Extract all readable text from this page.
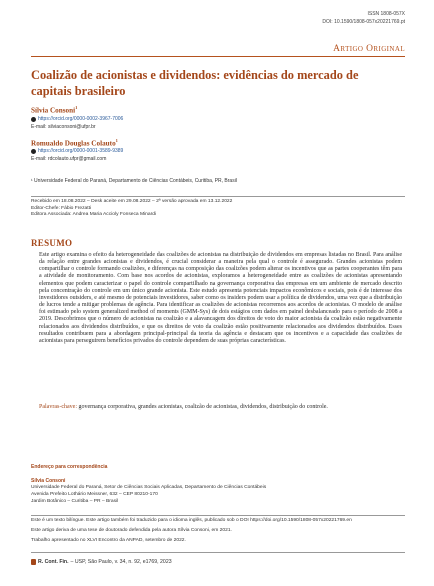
ISSN 1808-057X
DOI: 10.1590/1808-057x20221769.pt
Artigo Original
Coalizão de acionistas e dividendos: evidências do mercado de capitais brasileiro
Sílvia Consoni$^1$
https://orcid.org/0000-0002-3967-7006
E-mail: silviaconsoni@ufpr.br
Romualdo Douglas Colauto$^1$
https://orcid.org/0000-0001-3589-9389
E-mail: rdcolauto.ufpr@gmail.com
¹ Universidade Federal do Paraná, Departamento de Ciências Contábeis, Curitiba, PR, Brasil
Recebido em 18.08.2022 – Desk aceite em 29.08.2022 – 2ª versão aprovada em 13.12.2022
Editor-Chefe: Fábio Frezatti
Editora Associada: Andrea Maria Accioly Fonseca Minardi
RESUMO
Este artigo examina o efeito da heterogeneidade das coalizões de acionistas na distribuição de dividendos em empresas listadas no Brasil. Para análise da relação entre grandes acionistas e dividendos, é crucial considerar a maneira pela qual o controle é assegurado. Grandes acionistas podem compartilhar o controle formando coalizões, e diferenças na composição das coalizões podem alterar os incentivos que as partes cooperantes têm para a atividade de monitoramento. Com base nos acordos de acionistas, exploramos a heterogeneidade entre as coalizões de acionistas apresentando elementos que podem caracterizar o papel do controle compartilhado na governança corporativa das empresas em um ambiente de mercado descrito pela concentração do controle em um único grande acionista. Este estudo apresenta potenciais impactos econômicos e sociais, pois é de interesse dos investidores outsiders, e até mesmo de potenciais investidores, saber como os insiders podem usar a política de dividendos, uma vez que a distribuição de lucros tende a mitigar problemas de agência. Para identificar as coalizões de acionistas recorremos aos acordos de acionistas. O modelo de análise foi estimado pelo system generalized method of moments (GMM-Sys) de dois estágios com dados em painel desbalanceado para o período de 2008 a 2019. Descobrimos que o número de acionistas na coalizão e a alavancagem dos direitos de voto do maior acionista da coalizão estão negativamente relacionados aos dividendos distribuídos, e que os direitos de voto da coalizão estão positivamente relacionados aos dividendos distribuídos. Esses resultados contribuem para a abordagem principal-principal da teoria da agência e destacam que os incentivos e a capacidade das coalizões de acionistas para perseguirem benefícios privados do controle dependem de suas próprias características.
Palavras-chave: governança corporativa, grandes acionistas, coalizão de acionistas, dividendos, distribuição do controle.
Endereço para correspondência
Sílvia Consoni
Universidade Federal do Paraná, Setor de Ciências Sociais Aplicadas, Departamento de Ciências Contábeis
Avenida Prefeito Lothário Meissner, 632 – CEP 80210-170
Jardim Botânico – Curitiba – PR – Brasil
Este é um texto bilíngue. Este artigo também foi traduzido para o idioma inglês, publicado sob o DOI https://doi.org/10.1590/1808-057x20221769.en
Este artigo deriva de uma tese de doutorado defendida pela autora Sílvia Consoni, em 2021.
Trabalho apresentado no XLVI Encontro da ANPAD, setembro de 2022.
R. Cont. Fin. – USP, São Paulo, v. 34, n. 92, e1769, 2023
